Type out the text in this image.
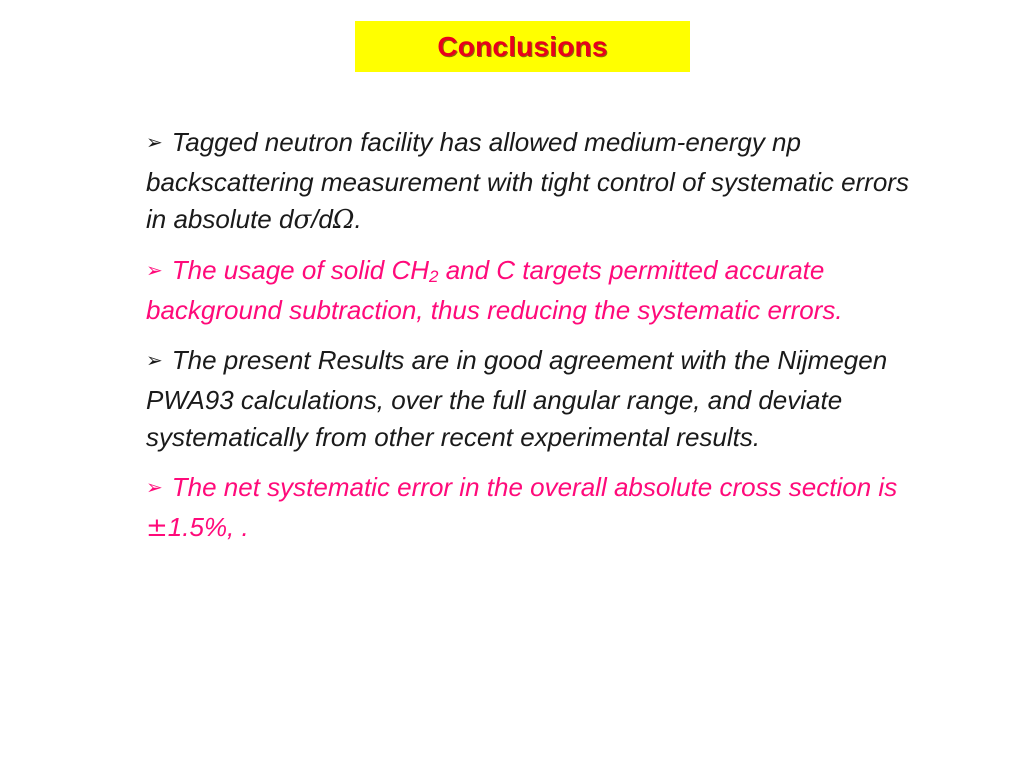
Conclusions

➢ Tagged neutron facility has allowed medium-energy np backscattering measurement with tight control of systematic errors in absolute dσ/dΩ.

➢ The usage of solid $CH_2$ and C targets permitted accurate background subtraction, thus reducing the systematic errors.

➢ The present Results are in good agreement with the Nijmegen PWA93 calculations, over the full angular range, and deviate systematically from other recent experimental results.

➢ The net systematic error in the overall absolute cross section is ±1.5%, .
